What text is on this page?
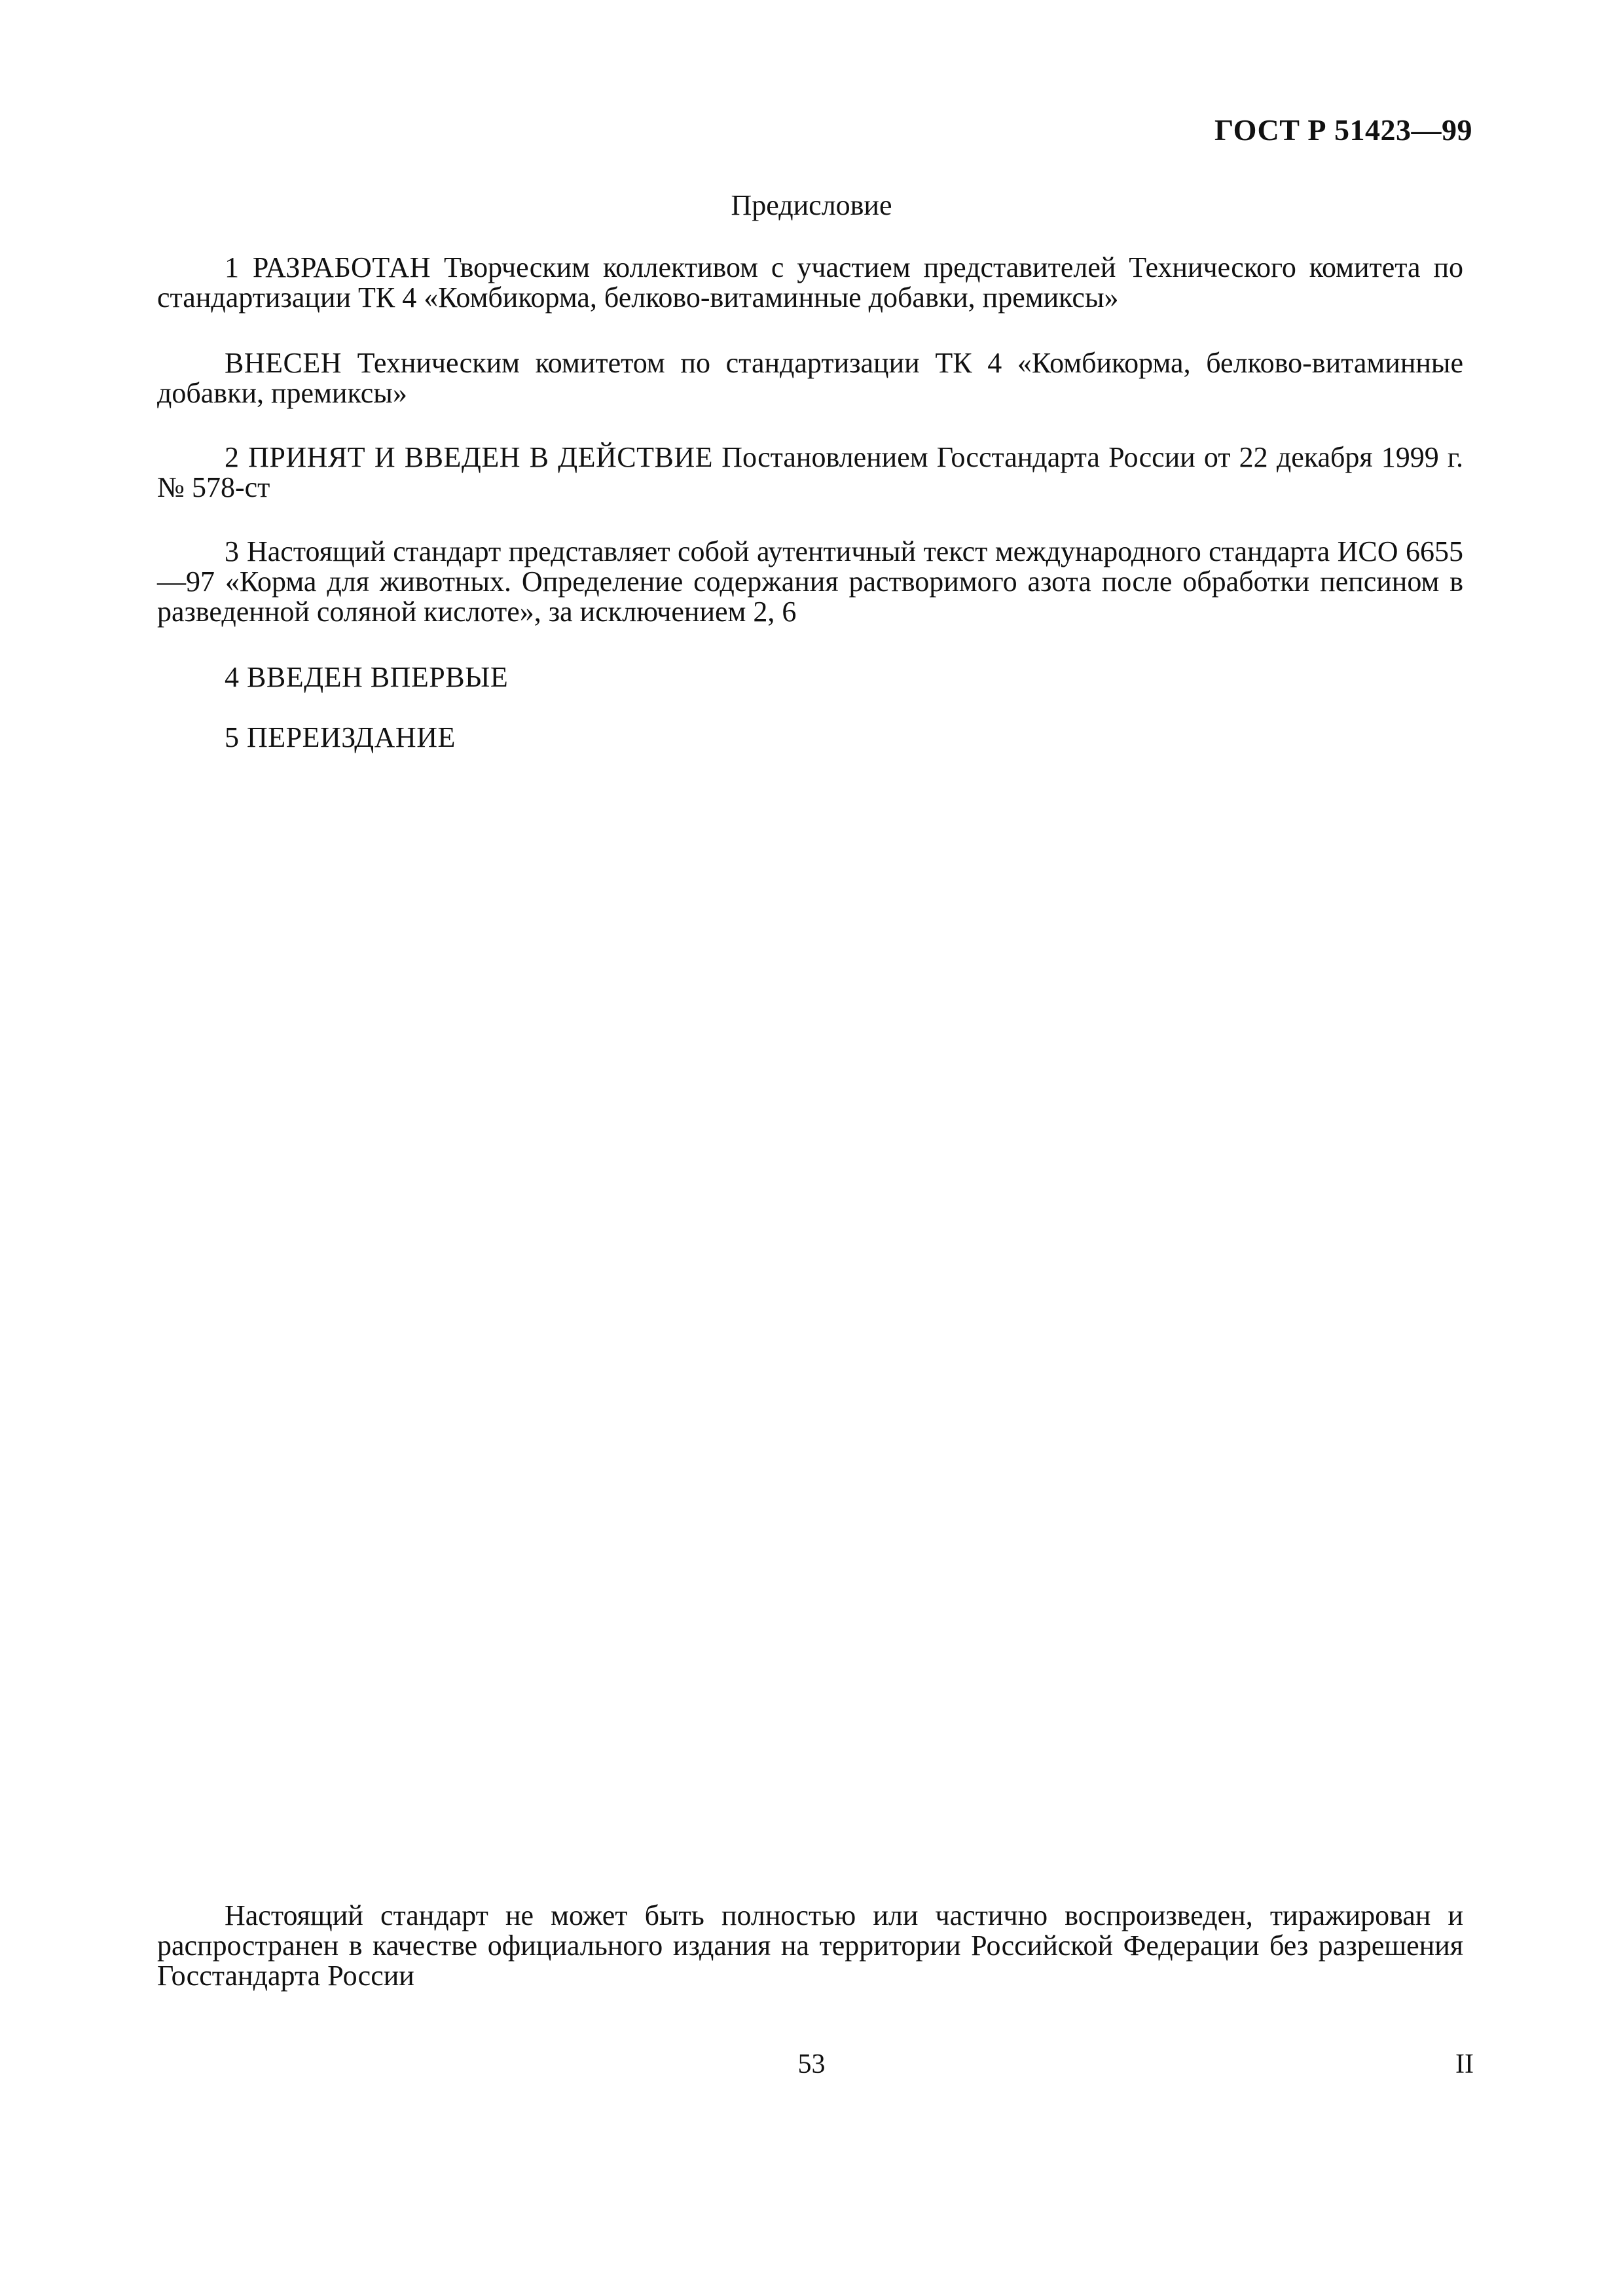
ГОСТ Р 51423—99
Предисловие

1 РАЗРАБОТАН Творческим коллективом с участием представителей Технического комитета по стандартизации ТК 4 «Комбикорма, белково-витаминные добавки, премиксы»

ВНЕСЕН Техническим комитетом по стандартизации ТК 4 «Комбикорма, белково-витаминные добавки, премиксы»

2 ПРИНЯТ И ВВЕДЕН В ДЕЙСТВИЕ Постановлением Госстандарта России от 22 декабря 1999 г. № 578-ст

3 Настоящий стандарт представляет собой аутентичный текст международного стандарта ИСО 6655—97 «Корма для животных. Определение содержания растворимого азота после обработки пепсином в разведенной соляной кислоте», за исключением 2, 6

4 ВВЕДЕН ВПЕРВЫЕ

5 ПЕРЕИЗДАНИЕ

Настоящий стандарт не может быть полностью или частично воспроизведен, тиражирован и распространен в качестве официального издания на территории Российской Федерации без разрешения Госстандарта России

53	II
